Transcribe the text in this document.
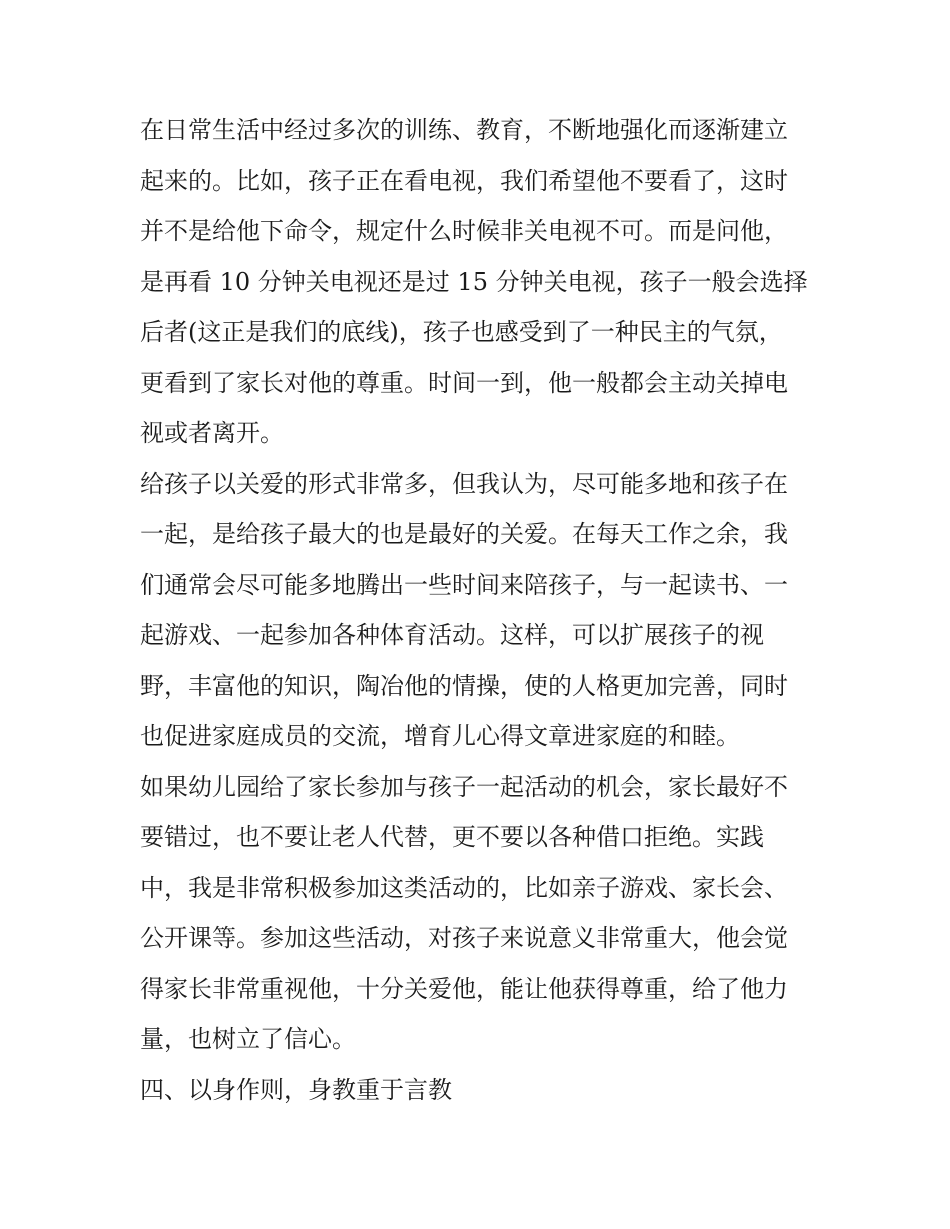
在日常生活中经过多次的训练、教育，不断地强化而逐渐建立
起来的。比如，孩子正在看电视，我们希望他不要看了，这时
并不是给他下命令，规定什么时候非关电视不可。而是问他，
是再看 10 分钟关电视还是过 15 分钟关电视，孩子一般会选择
后者(这正是我们的底线)，孩子也感受到了一种民主的气氛，
更看到了家长对他的尊重。时间一到，他一般都会主动关掉电
视或者离开。
给孩子以关爱的形式非常多，但我认为，尽可能多地和孩子在
一起，是给孩子最大的也是最好的关爱。在每天工作之余，我
们通常会尽可能多地腾出一些时间来陪孩子，与一起读书、一
起游戏、一起参加各种体育活动。这样，可以扩展孩子的视
野，丰富他的知识，陶冶他的情操，使的人格更加完善，同时
也促进家庭成员的交流，增育儿心得文章进家庭的和睦。
如果幼儿园给了家长参加与孩子一起活动的机会，家长最好不
要错过，也不要让老人代替，更不要以各种借口拒绝。实践
中，我是非常积极参加这类活动的，比如亲子游戏、家长会、
公开课等。参加这些活动，对孩子来说意义非常重大，他会觉
得家长非常重视他，十分关爱他，能让他获得尊重，给了他力
量，也树立了信心。
四、以身作则，身教重于言教
